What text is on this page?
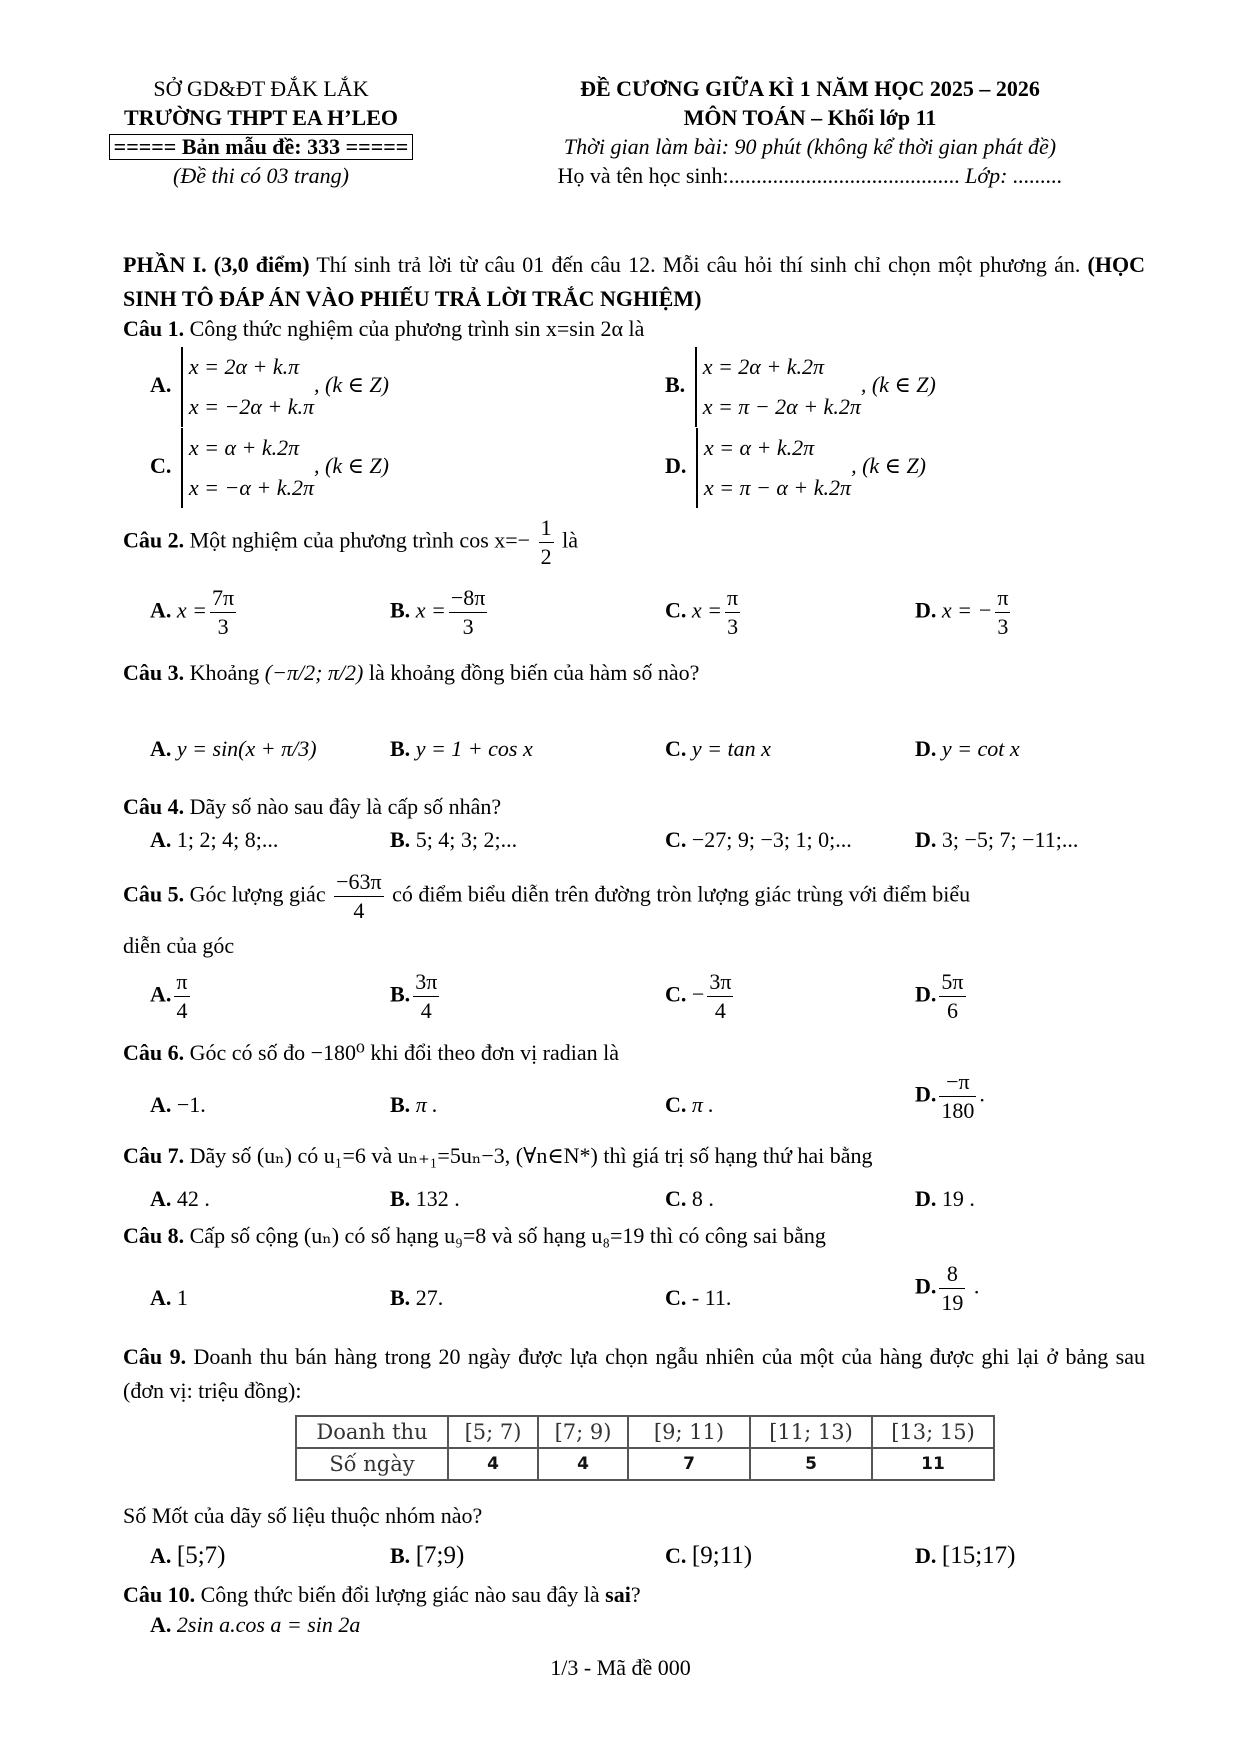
SỞ GD&ĐT ĐẮK LẮK
TRƯỜNG THPT EA H’LEO
===== Bản mẫu đề: 333 =====
(Đề thi có 03 trang)
ĐỀ CƯƠNG GIỮA KÌ 1 NĂM HỌC 2025 – 2026
MÔN TOÁN – Khối lớp 11
Thời gian làm bài: 90 phút (không kể thời gian phát đề)
Họ và tên học sinh:.......................................... Lớp: .........
PHẦN I. (3,0 điểm) Thí sinh trả lời từ câu 01 đến câu 12. Mỗi câu hỏi thí sinh chỉ chọn một phương án. (HỌC SINH TÔ ĐÁP ÁN VÀO PHIẾU TRẢ LỜI TRẮC NGHIỆM)
Câu 1. Công thức nghiệm của phương trình sin x=sin 2α là
A.
x = 2α + k.π
x = −2α + k.π
, (k ∈ Z)	B.
x = 2α + k.2π
x = π − 2α + k.2π
, (k ∈ Z)
C.
x = α + k.2π
x = −α + k.2π
, (k ∈ Z)	D.
x = α + k.2π
x = π − α + k.2π
, (k ∈ Z)
Câu 2. Một nghiệm của phương trình $\cos x=- \frac{1}{2}$ là
A. $x = \frac{7\pi}{3}$	B. $x = \frac{-8\pi}{3}$	C. $x = \frac{\pi}{3}$	D. x = − $\frac{\pi}{3}$
Câu 3. Khoảng (−π/2; π/2) là khoảng đồng biến của hàm số nào?
A. y = sin(x + π/3)	B. y = 1 + cos x	C. y = tan x	D. y = cot x
Câu 4. Dãy số nào sau đây là cấp số nhân?
A. 1; 2; 4; 8;...	B. 5; 4; 3; 2;...	C. −27; 9; −3; 1; 0;...	D. 3; −5; 7; −11;...
Câu 5. Góc lượng giác $\frac{-63\pi}{4}$ có điểm biểu diễn trên đường tròn lượng giác trùng với điểm biểu
diễn của góc
A. $\frac{\pi}{4}$	B. $\frac{3\pi}{4}$	C. − $\frac{3\pi}{4}$	D. $\frac{5\pi}{6}$
Câu 6. Góc có số đo −180⁰ khi đổi theo đơn vị radian là
A. −1.	B. π .	C. π .	D. $\frac{-\pi}{180}$ .
Câu 7. Dãy số (uₙ) có u₁=6 và uₙ₊₁=5uₙ−3, (∀n∈N*) thì giá trị số hạng thứ hai bằng
A. 42 .	B. 132 .	C. 8 .	D. 19 .
Câu 8. Cấp số cộng (uₙ) có số hạng u₉=8 và số hạng u₈=19 thì có công sai bằng
A. 1	B. 27.	C. - 11.	D. $\frac{8}{19}$ .
Câu 9. Doanh thu bán hàng trong 20 ngày được lựa chọn ngẫu nhiên của một của hàng được ghi lại ở bảng sau (đơn vị: triệu đồng):
Doanh thu	[5; 7)	[7; 9)	[9; 11)	[11; 13)	[13; 15)
Số ngày	4	4	7	5	11
Số Mốt của dãy số liệu thuộc nhóm nào?
A. [5;7)	B. [7;9)	C. [9;11)	D. [15;17)
Câu 10. Công thức biến đổi lượng giác nào sau đây là sai?
A. 2sin a.cos a = sin 2a
1/3 - Mã đề 000
